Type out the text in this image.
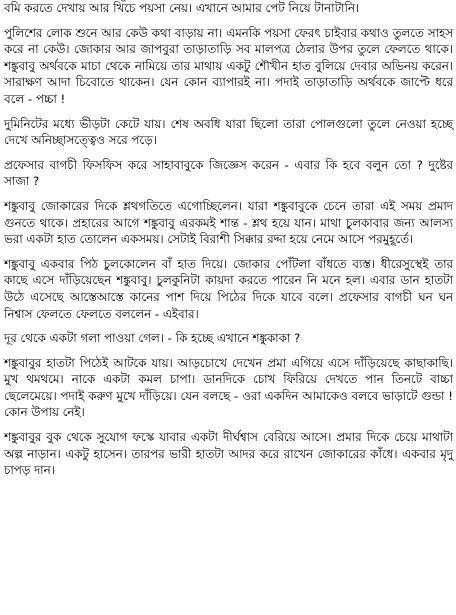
বমি করতে দেখায় আর খিঁচে পয়সা নেয়। এখানে আমার পেট নিয়ে টানাটানি।

পুলিশের লোক শুনে আর কেউ কথা বাড়ায় না। এমনকি পয়সা ফেরৎ চাইবার কথাও তুলতে সাহস করে না কেউ। জোকার আর জাপবুরা তাড়াতাড়ি সব মালপত্র ঠেলার উপর তুলে ফেলতে থাকে। শঙ্কুবাবু অর্থবকে মাচা থেকে নামিয়ে তার মাথায় একটু শৌখীন হাত বুলিয়ে দেবার অভিনয় করেন। সারাক্ষণ আদা চিবোতে থাকেন। যেন কোন ব্যাপারই না। পদাই তাড়াতাড়ি অর্থবকে জাপ্টে ধরে বলে - পচ্চা !

দুমিনিটের মধ্যে ভীড়টা কেটে যায়। শেষ অবধি যারা ছিলো তারা পোলগুলো তুলে নেওয়া হচ্ছে দেখে অনিচ্ছাসত্ত্বেও সরে পড়ে।

প্রফেসার বাগচী ফিসফিস করে সাহাবাবুকে জিজ্ঞেস করেন - এবার কি হবে বলুন তো ? দুষ্টের সাজা ?

শঙ্কুবাবু জোকারের দিকে শ্লথগতিতে এগোচ্ছিলেন। যারা শঙ্কুবাবুকে চেনে তারা এই সময় প্রমাদ গুনতে থাকে। প্রহারের আগে শঙ্কুবাবু এরকমই শান্ত - শ্লথ হয়ে যান। মাথা চুলকাবার জন্য আলস্য ভরা একটা হাত তোলেন একসময়। সেটাই বিরাশী সিক্কার রদ্দা হয়ে নেমে আসে পরমুহূর্তে।

শঙ্কুবাবু একবার পিঠ চুলকোলেন বাঁ হাত দিয়ে। জোকার পোঁটলা বাঁধতে ব্যস্ত। ধীরেসুস্থেই তার কাছে এসে দাঁড়িয়েছেন শঙ্কুবাবু। চুলকুনিটা কায়দা করতে পারেন নি মনে হল। এবার ডান হাতটা উঠে এসেছে আস্তেআস্তে কানের পাশ দিয়ে পিঠের দিকে যাবে বলে। প্রফেসার বাগচী ঘন ঘন নিশ্বাস ফেলতে ফেলতে বললেন - এইবার।

দূর থেকে একটা গলা পাওয়া গেল। - কি হচ্ছে এখানে শঙ্কুকাকা ?

শঙ্কুবাবুর হাতটা পিঠেই আটকে যায়। আড়চোখে দেখেন প্রমা এগিয়ে এসে দাঁড়িয়েছে কাছাকাছি। মুখ থমথমে। নাকে একটা কমল চাপা। ডানদিকে চোখ ফিরিয়ে দেখতে পান তিনটে বাচ্চা ছেলেমেয়ে। পদাই করুণ মুখে দাঁড়িয়ে। যেন বলছে - ওরা একদিন আমাকেও বলবে ভাড়াটে গুন্ডা ! কোন উপায় নেই।

শঙ্কুবাবুর বুক থেকে সুযোগ ফস্কে যাবার একটা দীর্ঘশ্বাস বেরিয়ে আসে। প্রমার দিকে চেয়ে মাথাটা অল্প নাড়ান। একটু হাসেন। তারপর ভারী হাতটা আদর করে রাখেন জোকারের কাঁধে। একবার মৃদু চাপড় দান।
